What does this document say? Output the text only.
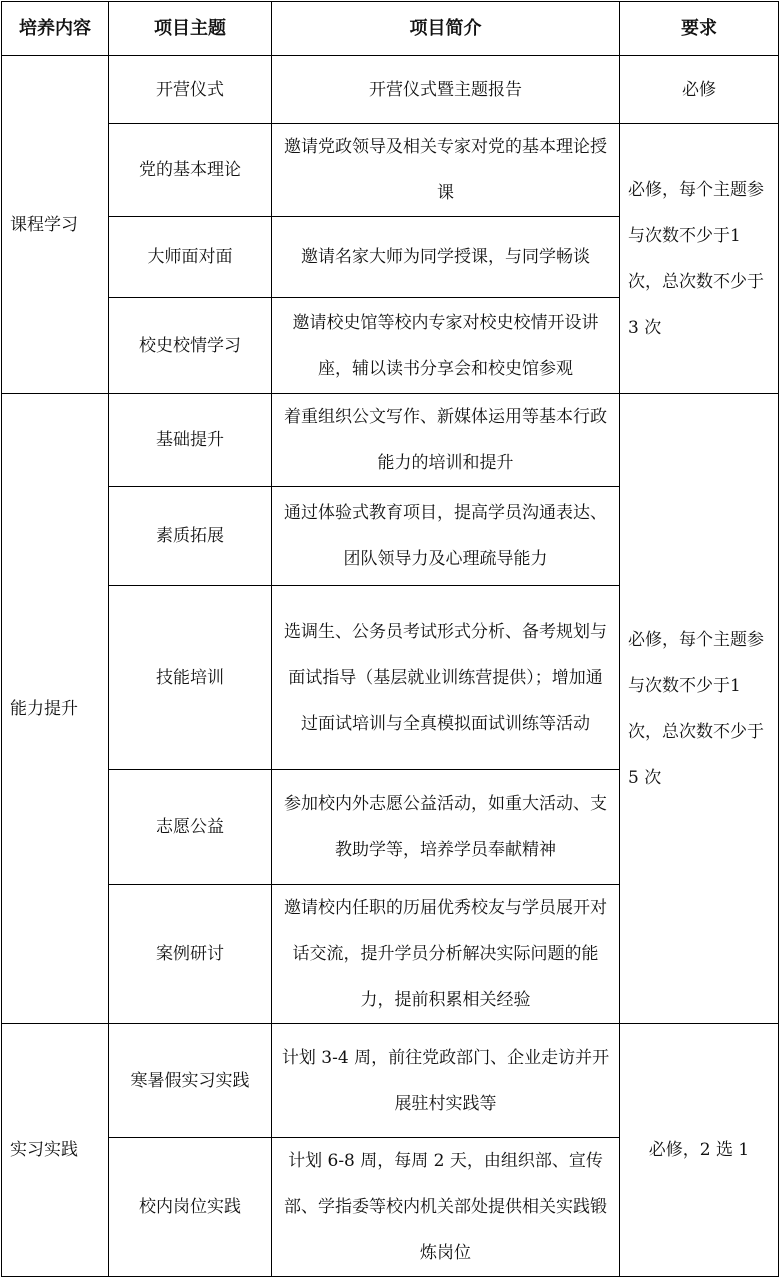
培养内容	项目主题	项目简介	要求
课程学习	开营仪式	开营仪式暨主题报告	必修
	党的基本理论	邀请党政领导及相关专家对党的基本理论授课	必修，每个主题参与次数不少于1次，总次数不少于 3 次
	大师面对面	邀请名家大师为同学授课，与同学畅谈	
	校史校情学习	邀请校史馆等校内专家对校史校情开设讲座，辅以读书分享会和校史馆参观	
能力提升	基础提升	着重组织公文写作、新媒体运用等基本行政能力的培训和提升	必修，每个主题参与次数不少于1次，总次数不少于 5 次
	素质拓展	通过体验式教育项目，提高学员沟通表达、团队领导力及心理疏导能力	
	技能培训	选调生、公务员考试形式分析、备考规划与面试指导（基层就业训练营提供）；增加通过面试培训与全真模拟面试训练等活动	
	志愿公益	参加校内外志愿公益活动，如重大活动、支教助学等，培养学员奉献精神	
	案例研讨	邀请校内任职的历届优秀校友与学员展开对话交流，提升学员分析解决实际问题的能力，提前积累相关经验	
实习实践	寒暑假实习实践	计划 3-4 周，前往党政部门、企业走访并开展驻村实践等	必修，2 选 1
	校内岗位实践	计划 6-8 周，每周 2 天，由组织部、宣传部、学指委等校内机关部处提供相关实践锻炼岗位	
